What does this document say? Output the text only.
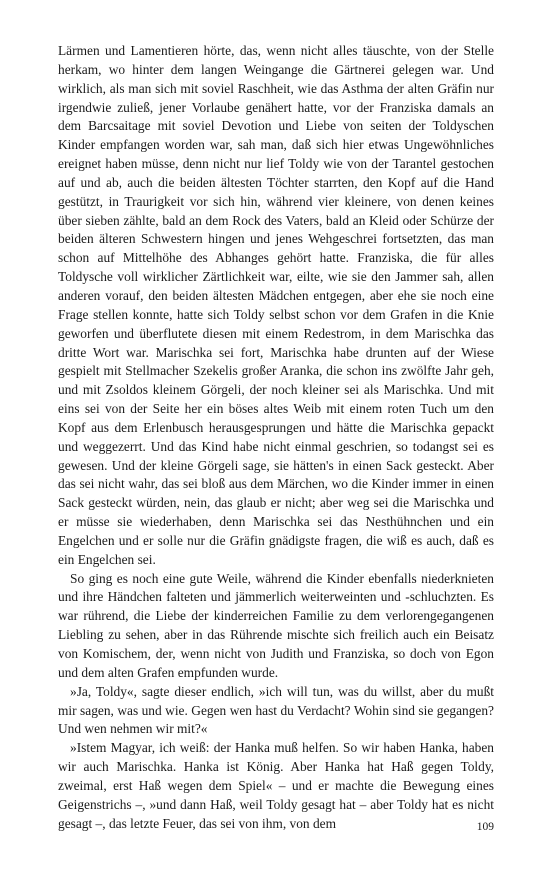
Lärmen und Lamentieren hörte, das, wenn nicht alles täuschte, von der Stelle herkam, wo hinter dem langen Weingange die Gärtnerei gelegen war. Und wirklich, als man sich mit soviel Raschheit, wie das Asthma der alten Gräfin nur irgendwie zuließ, jener Vorlaube genähert hatte, vor der Franziska damals an dem Barcsaitage mit soviel Devotion und Liebe von seiten der Toldyschen Kinder empfangen worden war, sah man, daß sich hier etwas Ungewöhnliches ereignet haben müsse, denn nicht nur lief Toldy wie von der Tarantel gestochen auf und ab, auch die beiden ältesten Töchter starrten, den Kopf auf die Hand gestützt, in Traurigkeit vor sich hin, während vier kleinere, von denen keines über sieben zählte, bald an dem Rock des Vaters, bald an Kleid oder Schürze der beiden älteren Schwestern hingen und jenes Wehgeschrei fortsetzten, das man schon auf Mittelhöhe des Abhanges gehört hatte. Franziska, die für alles Toldysche voll wirklicher Zärtlichkeit war, eilte, wie sie den Jammer sah, allen anderen vorauf, den beiden ältesten Mädchen entgegen, aber ehe sie noch eine Frage stellen konnte, hatte sich Toldy selbst schon vor dem Grafen in die Knie geworfen und überflutete diesen mit einem Redestrom, in dem Marischka das dritte Wort war. Marischka sei fort, Marischka habe drunten auf der Wiese gespielt mit Stellmacher Szekelis großer Aranka, die schon ins zwölfte Jahr geh, und mit Zsoldos kleinem Görgeli, der noch kleiner sei als Marischka. Und mit eins sei von der Seite her ein böses altes Weib mit einem roten Tuch um den Kopf aus dem Erlenbusch herausgesprungen und hätte die Marischka gepackt und weggezerrt. Und das Kind habe nicht einmal geschrien, so todangst sei es gewesen. Und der kleine Görgeli sage, sie hätten's in einen Sack gesteckt. Aber das sei nicht wahr, das sei bloß aus dem Märchen, wo die Kinder immer in einen Sack gesteckt würden, nein, das glaub er nicht; aber weg sei die Marischka und er müsse sie wiederhaben, denn Marischka sei das Nesthühnchen und ein Engelchen und er solle nur die Gräfin gnädigste fragen, die wiß es auch, daß es ein Engelchen sei.

So ging es noch eine gute Weile, während die Kinder ebenfalls niederknieten und ihre Händchen falteten und jämmerlich weiterweinten und ‑schluchzten. Es war rührend, die Liebe der kinderreichen Familie zu dem verlorengegangenen Liebling zu sehen, aber in das Rührende mischte sich freilich auch ein Beisatz von Komischem, der, wenn nicht von Judith und Franziska, so doch von Egon und dem alten Grafen empfunden wurde.

»Ja, Toldy«, sagte dieser endlich, »ich will tun, was du willst, aber du mußt mir sagen, was und wie. Gegen wen hast du Verdacht? Wohin sind sie gegangen? Und wen nehmen wir mit?«

»Istem Magyar, ich weiß: der Hanka muß helfen. So wir haben Hanka, haben wir auch Marischka. Hanka ist König. Aber Hanka hat Haß gegen Toldy, zweimal, erst Haß wegen dem Spiel« – und er machte die Bewegung eines Geigenstrichs –, »und dann Haß, weil Toldy gesagt hat – aber Toldy hat es nicht gesagt –, das letzte Feuer, das sei von ihm, von dem	109
